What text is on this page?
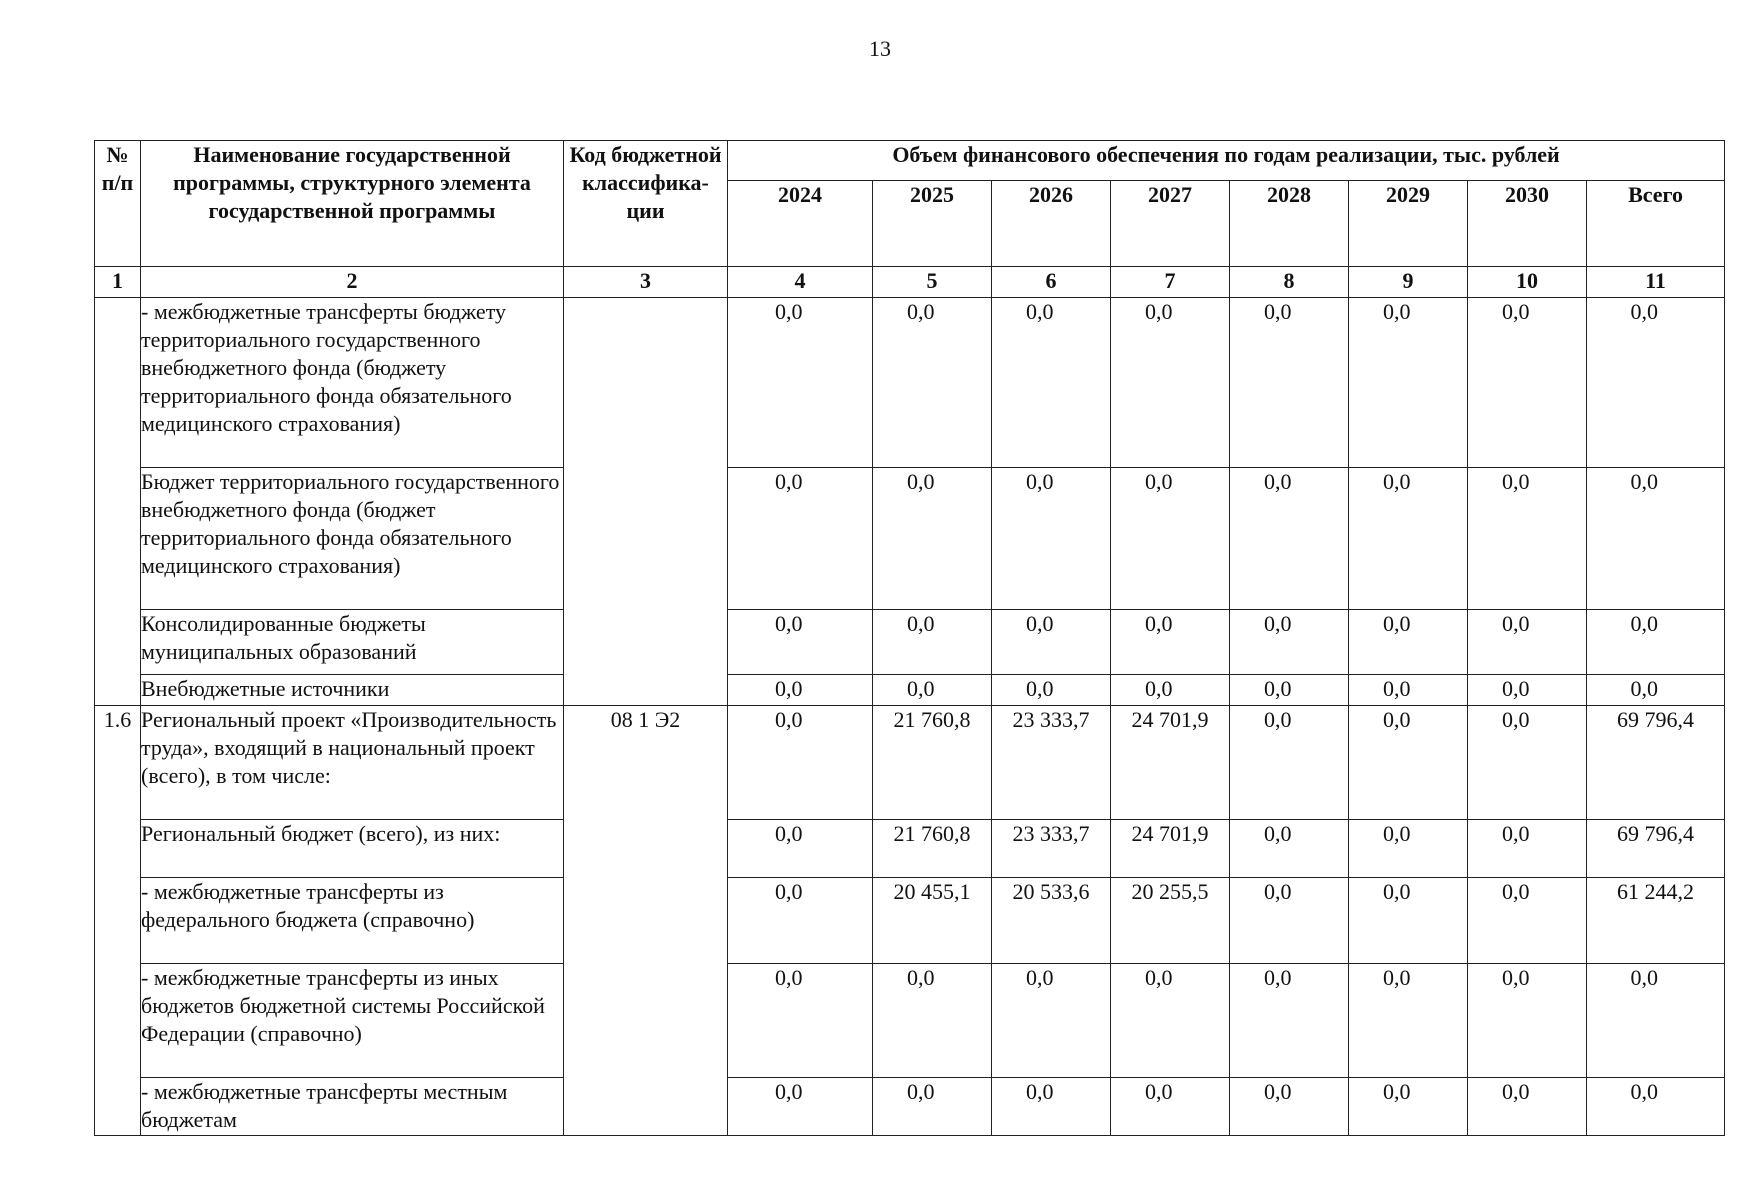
13
№ п/п	Наименование государственной программы, структурного элемента государственной программы	Код бюджетной классифика-ции	Объем финансового обеспечения по годам реализации, тыс. рублей							
			2024	2025	2026	2027	2028	2029	2030	Всего
1	2	3	4	5	6	7	8	9	10	11
	- межбюджетные трансферты бюджету территориального государственного внебюджетного фонда (бюджету территориального фонда обязательного медицинского страхования)		0,0	0,0	0,0	0,0	0,0	0,0	0,0	0,0
	Бюджет территориального государственного внебюджетного фонда (бюджет территориального фонда обязательного медицинского страхования)		0,0	0,0	0,0	0,0	0,0	0,0	0,0	0,0
	Консолидированные бюджеты муниципальных образований		0,0	0,0	0,0	0,0	0,0	0,0	0,0	0,0
	Внебюджетные источники		0,0	0,0	0,0	0,0	0,0	0,0	0,0	0,0
1.6	Региональный проект «Производительность труда», входящий в национальный проект (всего), в том числе:	08 1 Э2	0,0	21 760,8	23 333,7	24 701,9	0,0	0,0	0,0	69 796,4
	Региональный бюджет (всего), из них:		0,0	21 760,8	23 333,7	24 701,9	0,0	0,0	0,0	69 796,4
	- межбюджетные трансферты из федерального бюджета (справочно)		0,0	20 455,1	20 533,6	20 255,5	0,0	0,0	0,0	61 244,2
	- межбюджетные трансферты из иных бюджетов бюджетной системы Российской Федерации (справочно)		0,0	0,0	0,0	0,0	0,0	0,0	0,0	0,0
	- межбюджетные трансферты местным бюджетам		0,0	0,0	0,0	0,0	0,0	0,0	0,0	0,0
